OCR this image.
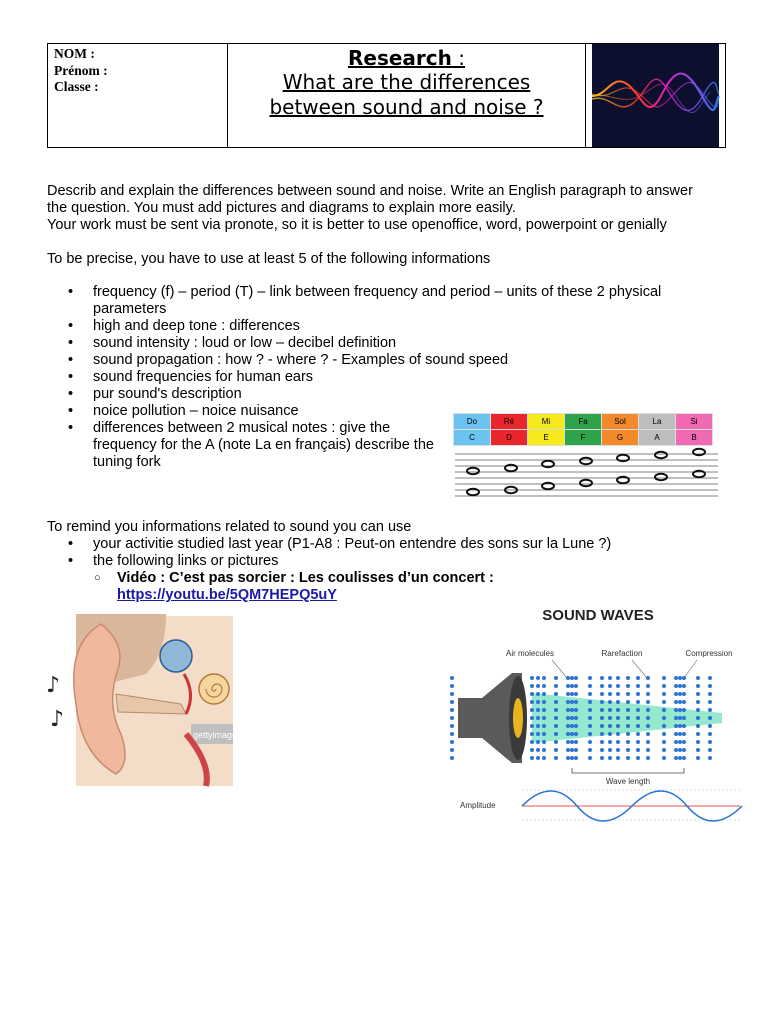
NOM :
Prénom :
Classe :

Research :
What are the differences
between sound and noise ?

Describ and explain the differences between sound and noise. Write an English paragraph to answer
the question. You must add pictures and diagrams to explain more easily.
Your work must be sent via pronote, so it is better to use openoffice, word, powerpoint or genially
To be precise, you have to use at least 5 of the following informations
• frequency (f) – period (T) – link between frequency and period – units of these 2 physical parameters
• high and deep tone : differences
• sound intensity : loud or low – decibel definition
• sound propagation : how ? - where ? - Examples of sound speed
• sound frequencies for human ears
• pur sound's description
• noice pollution – noice nuisance
• differences between 2 musical notes : give the frequency for the A (note La en français) describe the tuning fork
Do	Ré	Mi	Fa	Sol	La	Si
C	D	E	F	G	A	B
To remind you informations related to sound you can use
• your activitie studied last year (P1-A8 : Peut-on entendre des sons sur la Lune ?)
• the following links or pictures
○ Vidéo : C’est pas sorcier : Les coulisses d’un concert :
https://youtu.be/5QM7HEPQ5uY
gettyimages
♪
♪
SOUND WAVES
Air molecules	Rarefaction	Compression
Wave length
Amplitude
